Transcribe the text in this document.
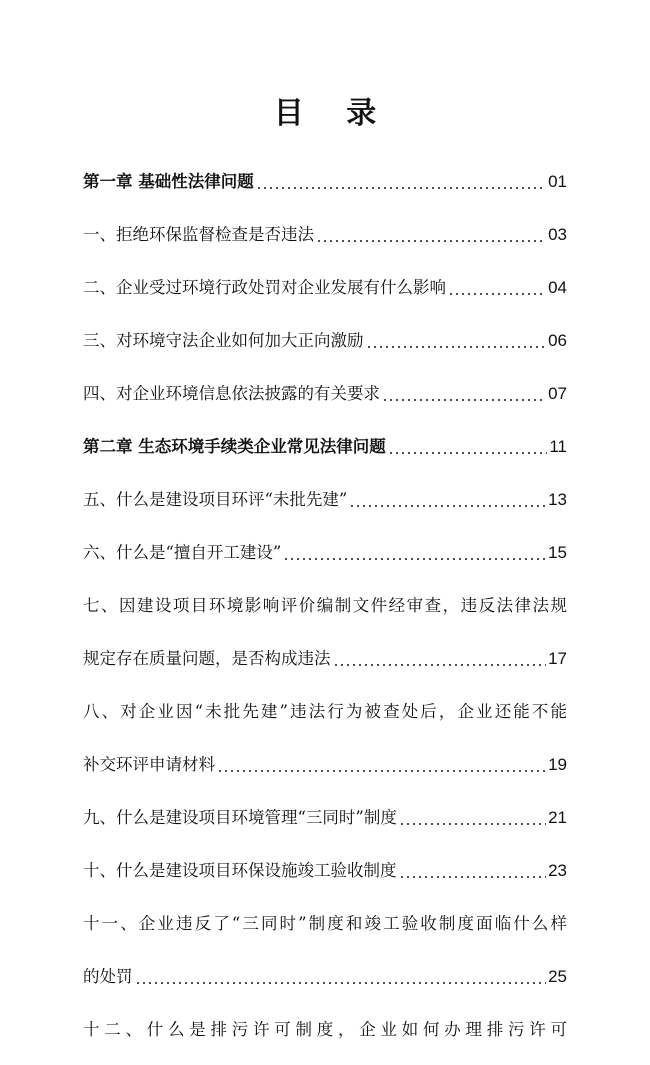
目 录
第一章 基础性法律问题	01
一、拒绝环保监督检查是否违法	03
二、企业受过环境行政处罚对企业发展有什么影响	04
三、对环境守法企业如何加大正向激励	06
四、对企业环境信息依法披露的有关要求	07
第二章 生态环境手续类企业常见法律问题	11
五、什么是建设项目环评“未批先建”	13
六、什么是“擅自开工建设”	15
七、因建设项目环境影响评价编制文件经审查，违反法律法规
规定存在质量问题，是否构成违法	17
八、对企业因“未批先建”违法行为被查处后，企业还能不能
补交环评申请材料	19
九、什么是建设项目环境管理“三同时”制度	21
十、什么是建设项目环保设施竣工验收制度	23
十一、企业违反了“三同时”制度和竣工验收制度面临什么样
的处罚	25
十二、什么是排污许可制度，企业如何办理排污许可
